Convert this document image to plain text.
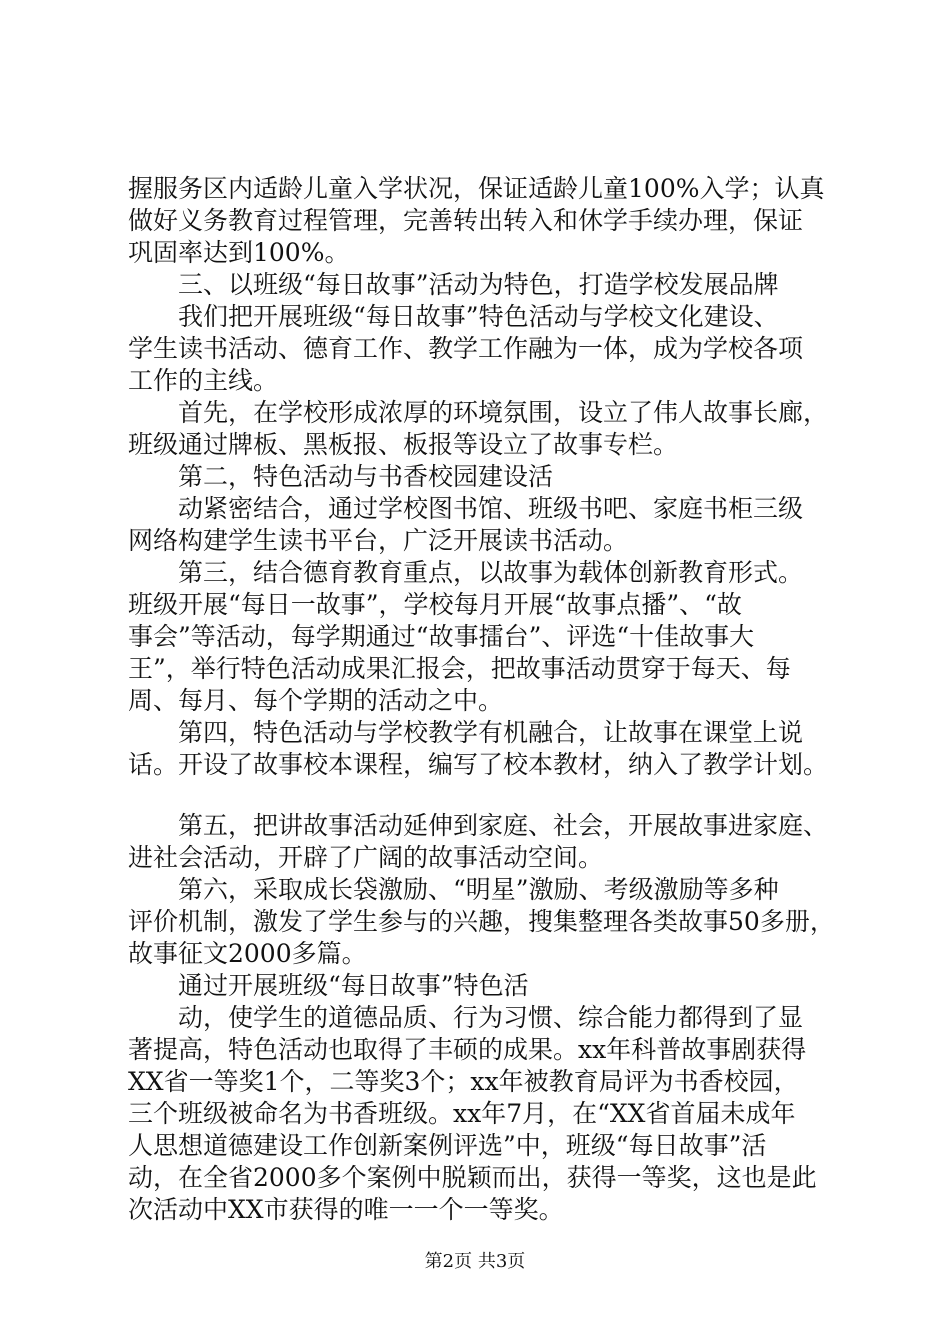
握服务区内适龄儿童入学状况，保证适龄儿童100%入学；认真
做好义务教育过程管理，完善转出转入和休学手续办理，保证
巩固率达到100%。
三、以班级“每日故事”活动为特色，打造学校发展品牌
我们把开展班级“每日故事”特色活动与学校文化建设、
学生读书活动、德育工作、教学工作融为一体，成为学校各项
工作的主线。
首先，在学校形成浓厚的环境氛围，设立了伟人故事长廊，
班级通过牌板、黑板报、板报等设立了故事专栏。
第二，特色活动与书香校园建设活
动紧密结合，通过学校图书馆、班级书吧、家庭书柜三级
网络构建学生读书平台，广泛开展读书活动。
第三，结合德育教育重点，以故事为载体创新教育形式。
班级开展“每日一故事”，学校每月开展“故事点播”、“故
事会”等活动，每学期通过“故事擂台”、评选“十佳故事大
王”，举行特色活动成果汇报会，把故事活动贯穿于每天、每
周、每月、每个学期的活动之中。
第四，特色活动与学校教学有机融合，让故事在课堂上说
话。开设了故事校本课程，编写了校本教材，纳入了教学计划。
第五，把讲故事活动延伸到家庭、社会，开展故事进家庭、
进社会活动，开辟了广阔的故事活动空间。
第六，采取成长袋激励、“明星”激励、考级激励等多种
评价机制，激发了学生参与的兴趣，搜集整理各类故事50多册，
故事征文2000多篇。
通过开展班级“每日故事”特色活
动，使学生的道德品质、行为习惯、综合能力都得到了显
著提高，特色活动也取得了丰硕的成果。xx年科普故事剧获得
XX省一等奖1个，二等奖3个；xx年被教育局评为书香校园，
三个班级被命名为书香班级。xx年7月，在“XX省首届未成年
人思想道德建设工作创新案例评选”中，班级“每日故事”活
动，在全省2000多个案例中脱颖而出，获得一等奖，这也是此
次活动中XX市获得的唯一一个一等奖。
第2页 共3页
